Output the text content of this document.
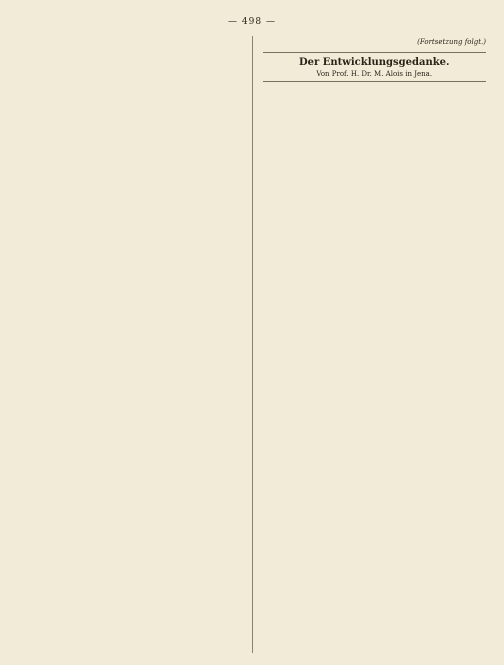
— 498 —

(Fortsetzung folgt.)

Der Entwicklungsgedanke.
Von Prof. H. Dr. M. Alois in Jena.
